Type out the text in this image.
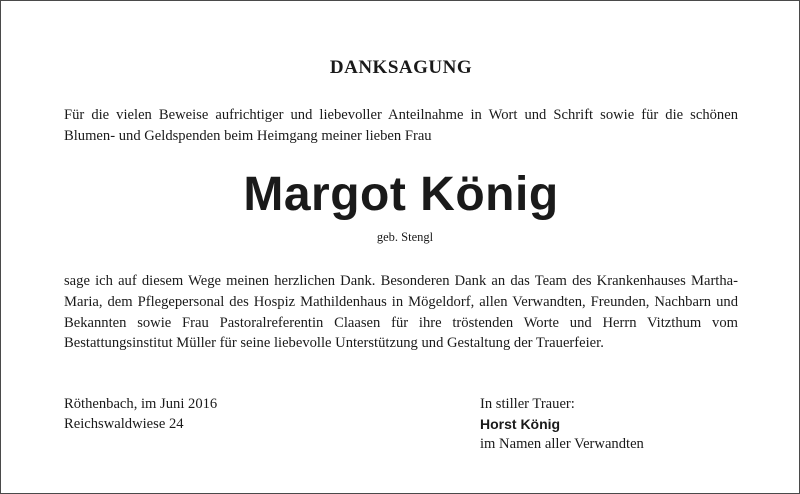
DANKSAGUNG
Für die vielen Beweise aufrichtiger und liebevoller Anteilnahme in Wort und Schrift sowie für die schönen Blumen- und Geldspenden beim Heimgang meiner lieben Frau
Margot König
geb. Stengl
sage ich auf diesem Wege meinen herzlichen Dank. Besonderen Dank an das Team des Krankenhauses Martha-Maria, dem Pflegepersonal des Hospiz Mathildenhaus in Mögeldorf, allen Verwandten, Freunden, Nachbarn und Bekannten sowie Frau Pastoralreferentin Claasen für ihre tröstenden Worte und Herrn Vitzthum vom Bestattungsinstitut Müller für seine liebevolle Unterstützung und Gestaltung der Trauerfeier.
Röthenbach, im Juni 2016
Reichswaldwiese 24
In stiller Trauer:
Horst König
im Namen aller Verwandten
